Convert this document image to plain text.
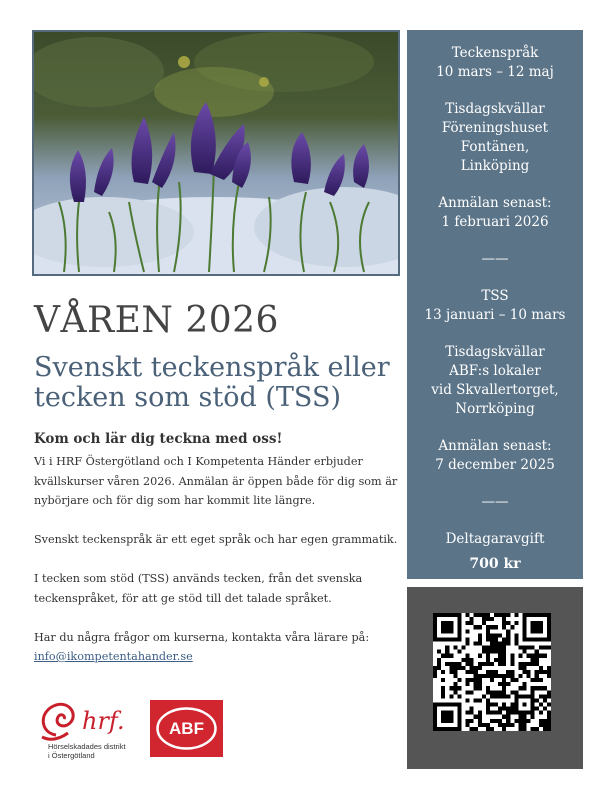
VÅREN 2026
Svenskt teckenspråk eller
tecken som stöd (TSS)

Kom och lär dig teckna med oss!

Vi i HRF Östergötland och I Kompetenta Händer erbjuder
kvällskurser våren 2026. Anmälan är öppen både för dig som är
nybörjare och för dig som har kommit lite längre.

Svenskt teckenspråk är ett eget språk och har egen grammatik.

I tecken som stöd (TSS) används tecken, från det svenska
teckenspråket, för att ge stöd till det talade språket.

Har du några frågor om kurserna, kontakta våra lärare på:
info@ikompetentahander.se

Teckenspråk

10 mars – 12 maj

Tisdagskvällar

Föreningshuset

Fontänen,

Linköping

Anmälan senast:

1 februari 2026

——

TSS

13 januari – 10 mars

Tisdagskvällar

ABF:s lokaler

vid Skvallertorget,

Norrköping

Anmälan senast:

7 december 2025

——

Deltagaravgift

700 kr

hrf.
Hörselskadades distrikt
i Östergötland
ABF
